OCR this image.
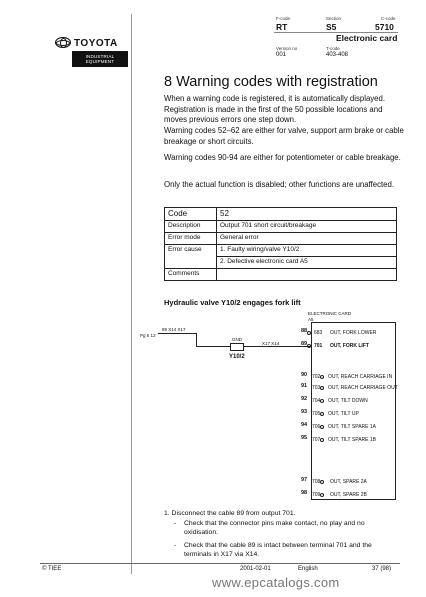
TOYOTA
INDUSTRIAL EQUIPMENT
F-code
RT
Section
S5
C-code
5710
Electronic card
Version no
001
T-code
403-408
8 Warning codes with registration
When a warning code is registered, it is automatically displayed. Registration is made in the first of the 50 possible locations and moves previous errors one step down.
Warning codes 52–62 are either for valve, support arm brake or cable breakage or short circuits.
Warning codes 90-94 are either for potentiometer or cable breakage.
Only the actual function is disabled; other functions are unaffected.
Code	52
Description	Output 701 short circuit/breakage
Error mode	General error
Error cause	1. Faulty wiring/valve Y10/2
	2. Defective electronic card A5
Comments	
Hydraulic valve Y10/2 engages fork lift
ELECTRONIC CARD
A5
Pg 6 12
89 X14 X17
X17 X14
GND
Y10/2
88 683 OUT, FORK LOWER
89 701 OUT, FORK LIFT
90 702 OUT, REACH CARRIAGE IN
91 703 OUT, REACH CARRIAGE OUT
92 704 OUT, TILT DOWN
93 705 OUT, TILT UP
94 706 OUT, TILT SPARE 1A
95 707 OUT, TILT SPARE 1B
97 708 OUT, SPARE 2A
98 709 OUT, SPARE 2B
1. Disconnect the cable 89 from output 701.
- Check that the connector pins make contact, no play and no oxidisation.
- Check that the cable 89 is intact between terminal 701 and the terminals in X17 via X14.
© TIEE	2001-02-01	English	37 (98)
www.epcatalogs.com
